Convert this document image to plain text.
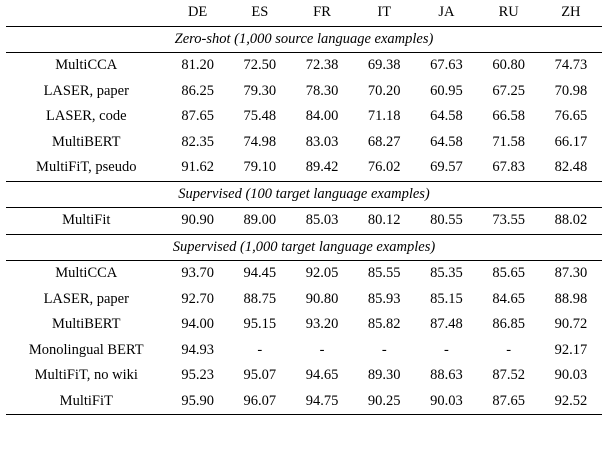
	DE	ES	FR	IT	JA	RU	ZH
Zero-shot (1,000 source language examples)							
MultiCCA	81.20	72.50	72.38	69.38	67.63	60.80	74.73
LASER, paper	86.25	79.30	78.30	70.20	60.95	67.25	70.98
LASER, code	87.65	75.48	84.00	71.18	64.58	66.58	76.65
MultiBERT	82.35	74.98	83.03	68.27	64.58	71.58	66.17
MultiFiT, pseudo	91.62	79.10	89.42	76.02	69.57	67.83	82.48
Supervised (100 target language examples)							
MultiFit	90.90	89.00	85.03	80.12	80.55	73.55	88.02
Supervised (1,000 target language examples)							
MultiCCA	93.70	94.45	92.05	85.55	85.35	85.65	87.30
LASER, paper	92.70	88.75	90.80	85.93	85.15	84.65	88.98
MultiBERT	94.00	95.15	93.20	85.82	87.48	86.85	90.72
Monolingual BERT	94.93	-	-	-	-	-	92.17
MultiFiT, no wiki	95.23	95.07	94.65	89.30	88.63	87.52	90.03
MultiFiT	95.90	96.07	94.75	90.25	90.03	87.65	92.52
